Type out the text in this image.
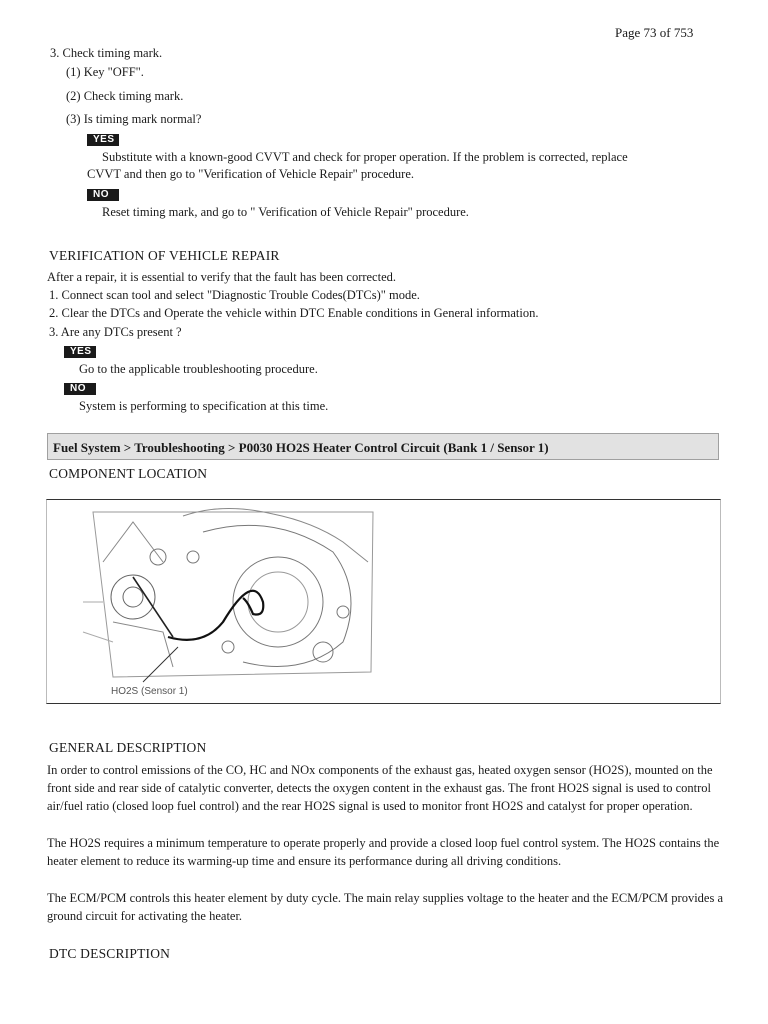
Page 73 of 753
3. Check timing mark.
(1) Key "OFF".
(2) Check timing mark.
(3) Is timing mark normal?
YES
Substitute with a known-good CVVT and check for proper operation. If the problem is corrected, replace
CVVT and then go to "Verification of Vehicle Repair" procedure.
NO
Reset timing mark, and go to " Verification of Vehicle Repair" procedure.
VERIFICATION OF VEHICLE REPAIR
After a repair, it is essential to verify that the fault has been corrected.
1. Connect scan tool and select "Diagnostic Trouble Codes(DTCs)" mode.
2. Clear the DTCs and Operate the vehicle within DTC Enable conditions in General information.
3. Are any DTCs present ?
YES
Go to the applicable troubleshooting procedure.
NO
System is performing to specification at this time.
Fuel System > Troubleshooting > P0030 HO2S Heater Control Circuit (Bank 1 / Sensor 1)
COMPONENT LOCATION
HO2S (Sensor 1)
GENERAL DESCRIPTION
In order to control emissions of the CO, HC and NOx components of the exhaust gas, heated oxygen sensor (HO2S), mounted on the front side and rear side of catalytic converter, detects the oxygen content in the exhaust gas. The front HO2S signal is used to control air/fuel ratio (closed loop fuel control) and the rear HO2S signal is used to monitor front HO2S and catalyst for proper operation.
The HO2S requires a minimum temperature to operate properly and provide a closed loop fuel control system. The HO2S contains the heater element to reduce its warming-up time and ensure its performance during all driving conditions.
The ECM/PCM controls this heater element by duty cycle. The main relay supplies voltage to the heater and the ECM/PCM provides a ground circuit for activating the heater.
DTC DESCRIPTION
